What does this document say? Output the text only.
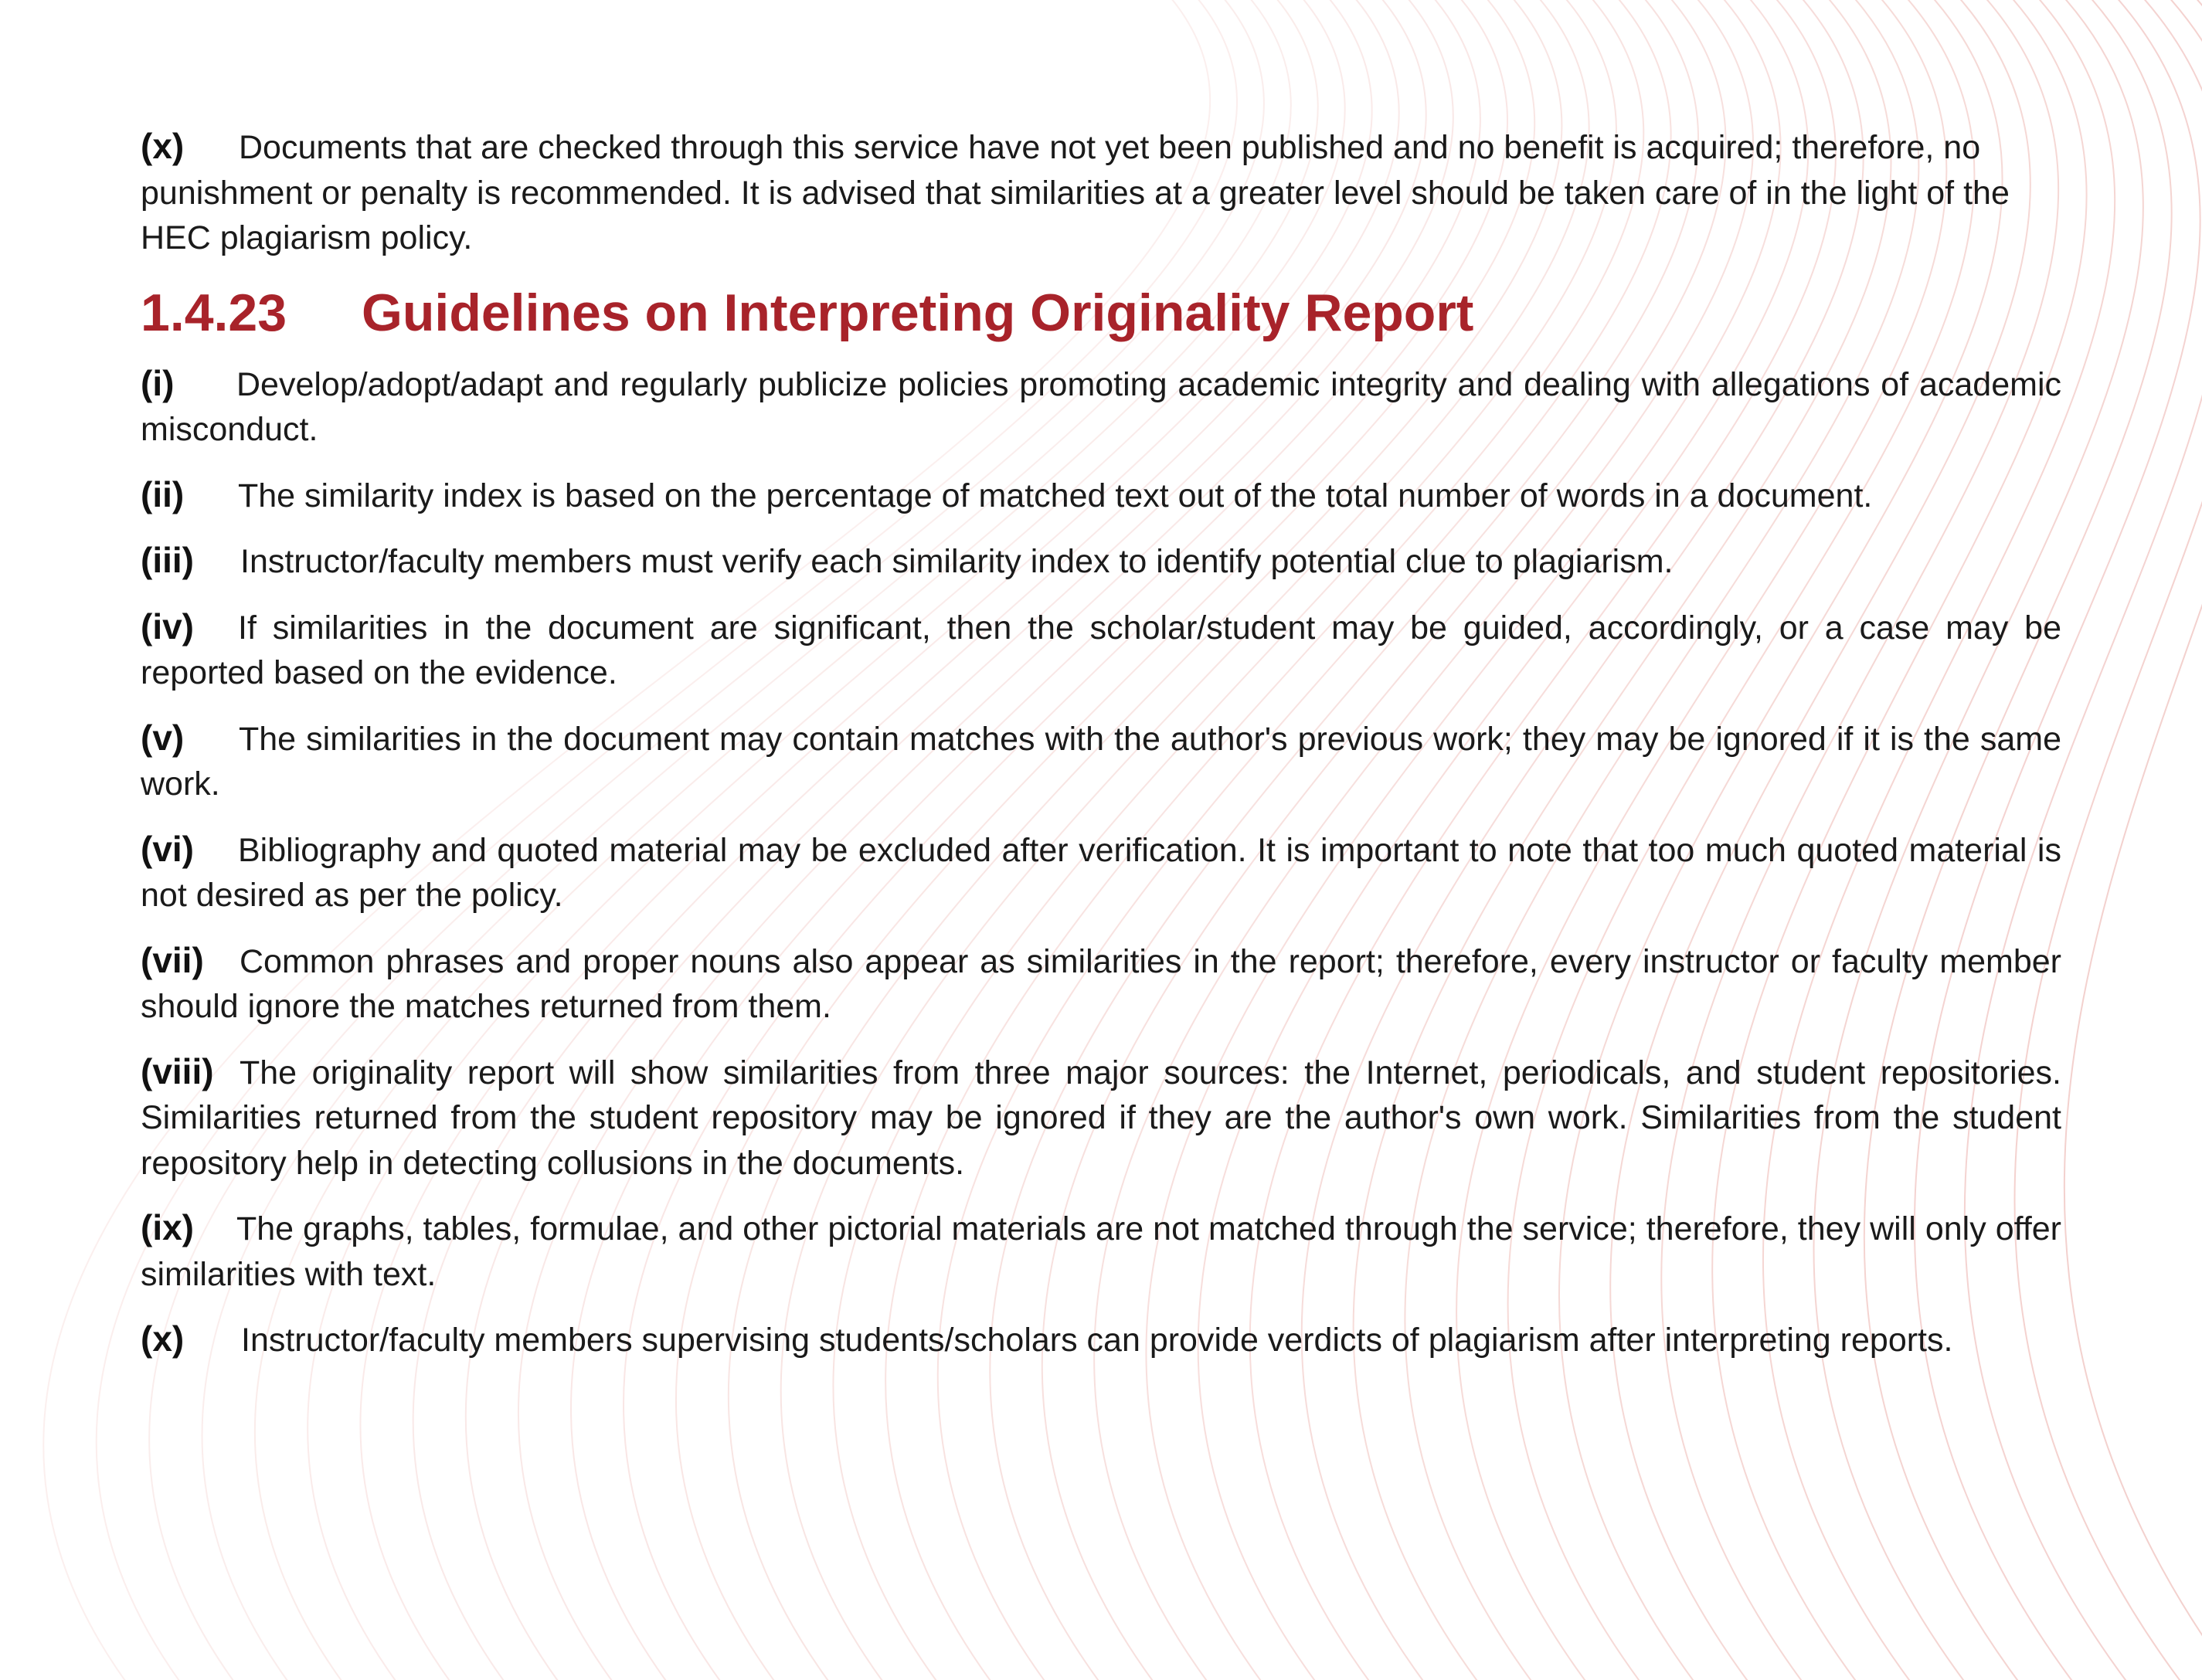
(x) Documents that are checked through this service have not yet been published and no benefit is acquired; therefore, no punishment or penalty is recommended. It is advised that similarities at a greater level should be taken care of in the light of the HEC plagiarism policy.

1.4.23	Guidelines on Interpreting Originality Report

(i) Develop/adopt/adapt and regularly publicize policies promoting academic integrity and dealing with allegations of academic misconduct.

(ii) The similarity index is based on the percentage of matched text out of the total number of words in a document.

(iii) Instructor/faculty members must verify each similarity index to identify potential clue to plagiarism.

(iv) If similarities in the document are significant, then the scholar/student may be guided, accordingly, or a case may be reported based on the evidence.

(v) The similarities in the document may contain matches with the author's previous work; they may be ignored if it is the same work.

(vi) Bibliography and quoted material may be excluded after verification. It is important to note that too much quoted material is not desired as per the policy.

(vii) Common phrases and proper nouns also appear as similarities in the report; therefore, every instructor or faculty member should ignore the matches returned from them.

(viii) The originality report will show similarities from three major sources: the Internet, periodicals, and student repositories. Similarities returned from the student repository may be ignored if they are the author's own work. Similarities from the student repository help in detecting collusions in the documents.

(ix) The graphs, tables, formulae, and other pictorial materials are not matched through the service; therefore, they will only offer similarities with text.

(x) Instructor/faculty members supervising students/scholars can provide verdicts of plagiarism after interpreting reports.
